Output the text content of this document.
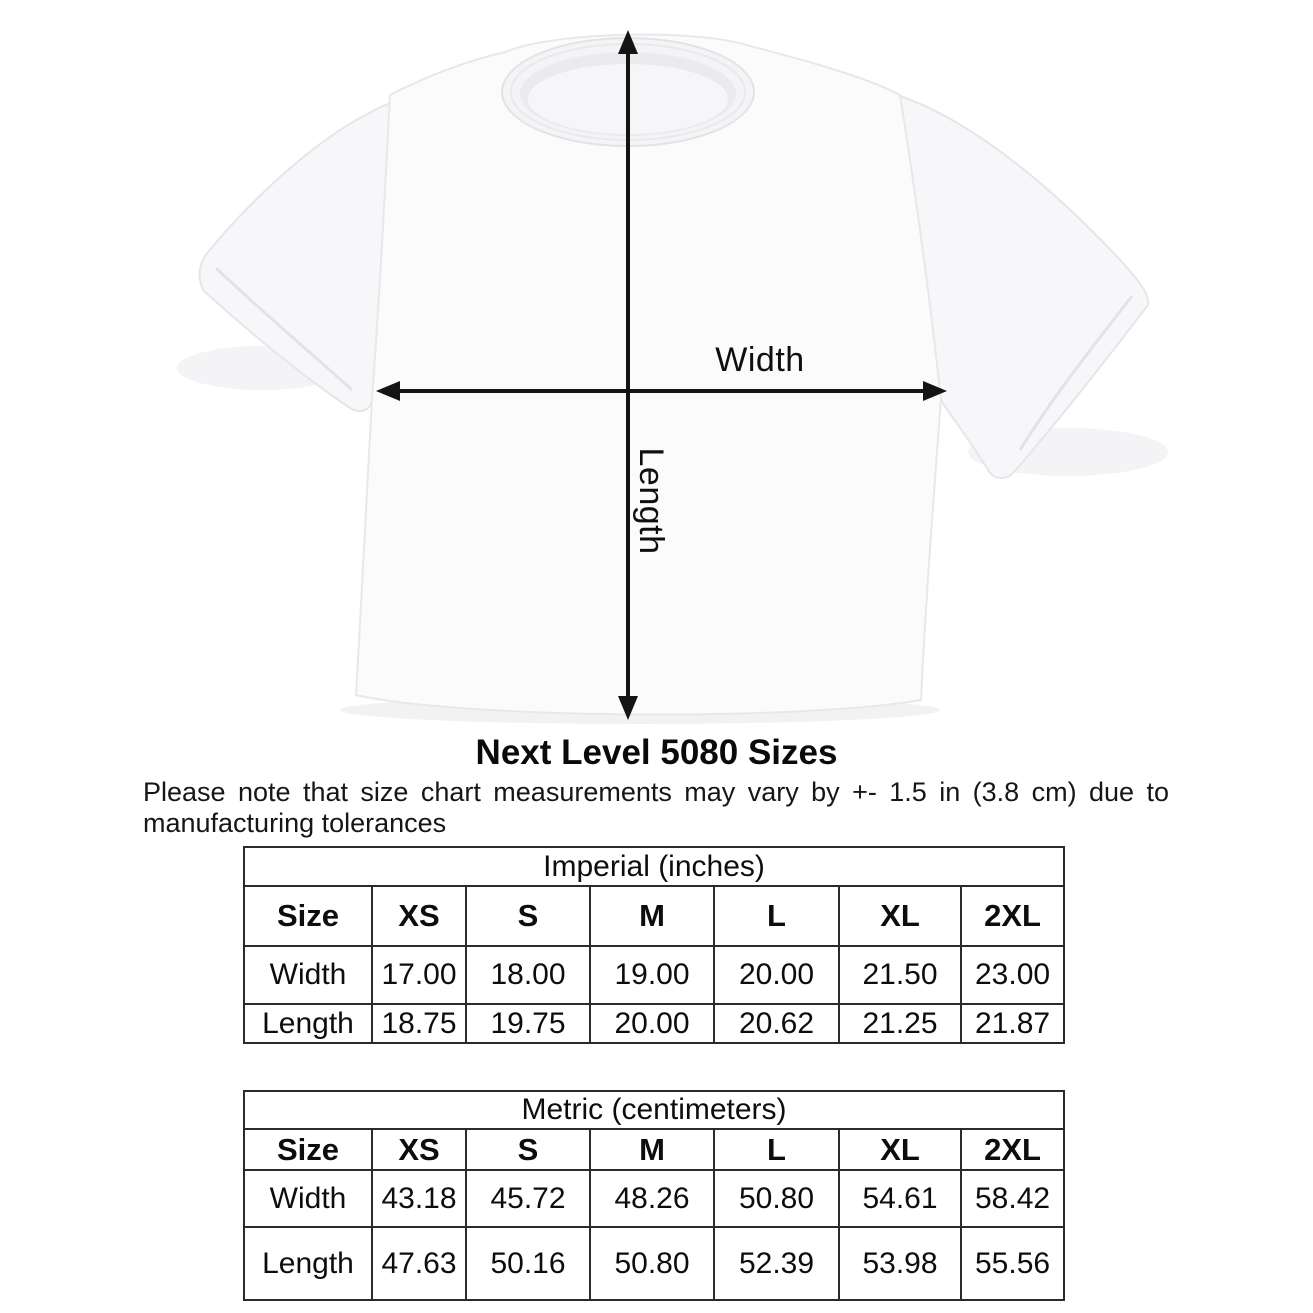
Width
Length
Next Level 5080 Sizes
Please note that size chart measurements may vary by +- 1.5 in (3.8 cm) due to
manufacturing tolerances
Imperial (inches)						
Size	XS	S	M	L	XL	2XL
Width	17.00	18.00	19.00	20.00	21.50	23.00
Length	18.75	19.75	20.00	20.62	21.25	21.87
Metric (centimeters)						
Size	XS	S	M	L	XL	2XL
Width	43.18	45.72	48.26	50.80	54.61	58.42
Length	47.63	50.16	50.80	52.39	53.98	55.56
